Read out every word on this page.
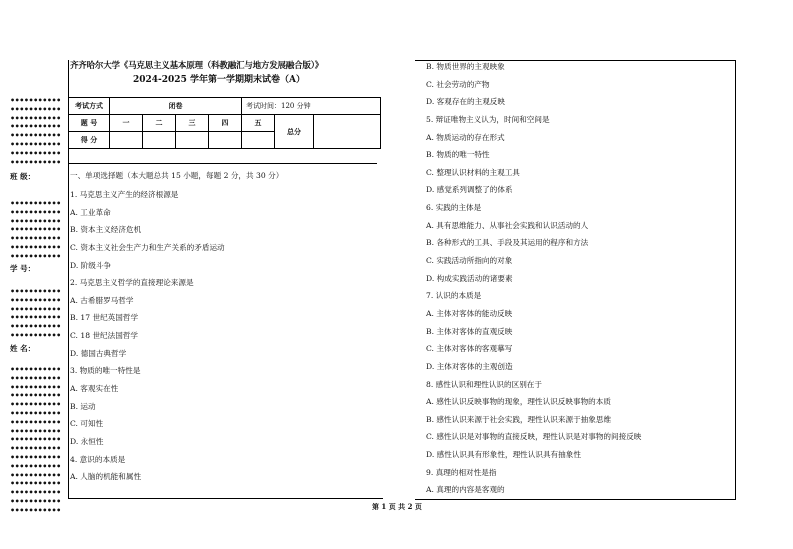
•••••••••••
•••••••••••
•••••••••••
•••••••••••
•••••••••••
•••••••••••
•••••••••••
•••••••••••
•••••••••••
•••••••••••
•••••••••••
•••••••••••
•••••••••••
•••••••••••
•••••••••••
•••••••••••
•••••••••••
•••••••••••
•••••••••••
•••••••••••
•••••••••••
•••••••••••
•••••••••••
•••••••••••
•••••••••••
•••••••••••
•••••••••••
•••••••••••
•••••••••••
•••••••••••
•••••••••••
•••••••••••
•••••••••••
•••••••••••
•••••••••••
•••••••••••
•••••••••••
•••••••••••
班 级：
学 号：
姓 名：
齐齐哈尔大学《马克思主义基本原理（科教融汇与地方发展融合版）》
2024-2025 学年第一学期期末试卷（A）
考试方式	闭卷				考试时间：120 分钟		
题 号	一	二	三	四	五	总分	
得 分							
一、单项选择题（本大题总共 15 小题，每题 2 分，共 30 分）
1. 马克思主义产生的经济根源是
A. 工业革命
B. 资本主义经济危机
C. 资本主义社会生产力和生产关系的矛盾运动
D. 阶级斗争
2. 马克思主义哲学的直接理论来源是
A. 古希腊罗马哲学
B. 17 世纪英国哲学
C. 18 世纪法国哲学
D. 德国古典哲学
3. 物质的唯一特性是
A. 客观实在性
B. 运动
C. 可知性
D. 永恒性
4. 意识的本质是
A. 人脑的机能和属性
B. 物质世界的主观映象
C. 社会劳动的产物
D. 客观存在的主观反映
5. 辩证唯物主义认为，时间和空间是
A. 物质运动的存在形式
B. 物质的唯一特性
C. 整理认识材料的主观工具
D. 感觉系列调整了的体系
6. 实践的主体是
A. 具有思维能力、从事社会实践和认识活动的人
B. 各种形式的工具、手段及其运用的程序和方法
C. 实践活动所指向的对象
D. 构成实践活动的诸要素
7. 认识的本质是
A. 主体对客体的能动反映
B. 主体对客体的直观反映
C. 主体对客体的客观摹写
D. 主体对客体的主观创造
8. 感性认识和理性认识的区别在于
A. 感性认识反映事物的现象，理性认识反映事物的本质
B. 感性认识来源于社会实践，理性认识来源于抽象思维
C. 感性认识是对事物的直接反映，理性认识是对事物的间接反映
D. 感性认识具有形象性，理性认识具有抽象性
9. 真理的相对性是指
A. 真理的内容是客观的
第 1 页 共 2 页
